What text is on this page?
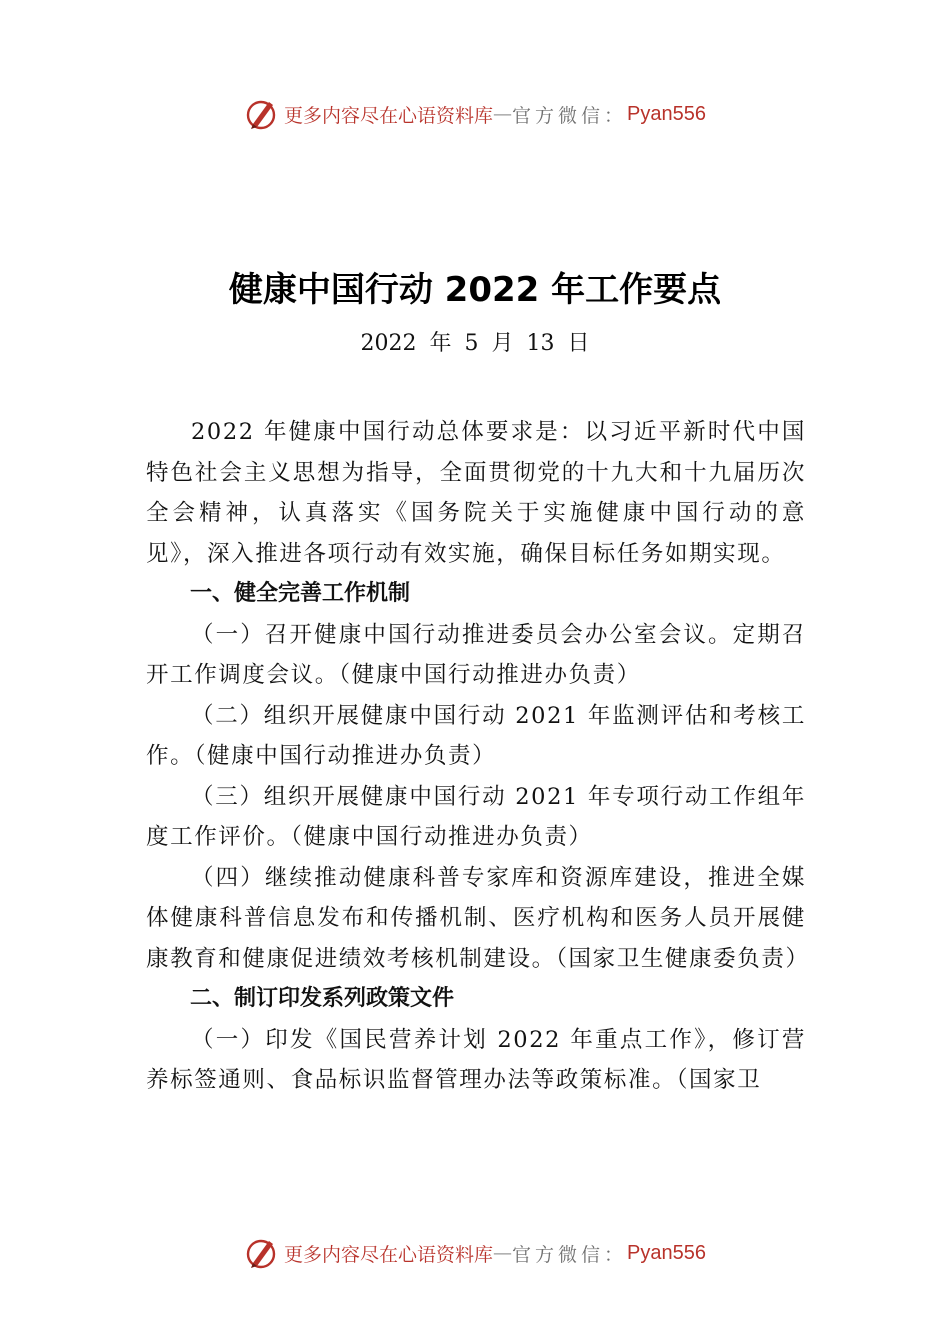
更多内容尽在心语资料库 — 官方微信： Pyan556
健康中国行动 2022 年工作要点
2022 年 5 月 13 日

2022 年健康中国行动总体要求是：以习近平新时代中国特色社会主义思想为指导，全面贯彻党的十九大和十九届历次全会精神，认真落实《国务院关于实施健康中国行动的意见》，深入推进各项行动有效实施，确保目标任务如期实现。

一、健全完善工作机制

（一）召开健康中国行动推进委员会办公室会议。定期召开工作调度会议。（健康中国行动推进办负责）

（二）组织开展健康中国行动 2021 年监测评估和考核工作。（健康中国行动推进办负责）

（三）组织开展健康中国行动 2021 年专项行动工作组年度工作评价。（健康中国行动推进办负责）

（四）继续推动健康科普专家库和资源库建设，推进全媒体健康科普信息发布和传播机制、医疗机构和医务人员开展健康教育和健康促进绩效考核机制建设。（国家卫生健康委负责）

二、制订印发系列政策文件

（一）印发《国民营养计划 2022 年重点工作》，修订营养标签通则、食品标识监督管理办法等政策标准。（国家卫

更多内容尽在心语资料库 — 官方微信： Pyan556
